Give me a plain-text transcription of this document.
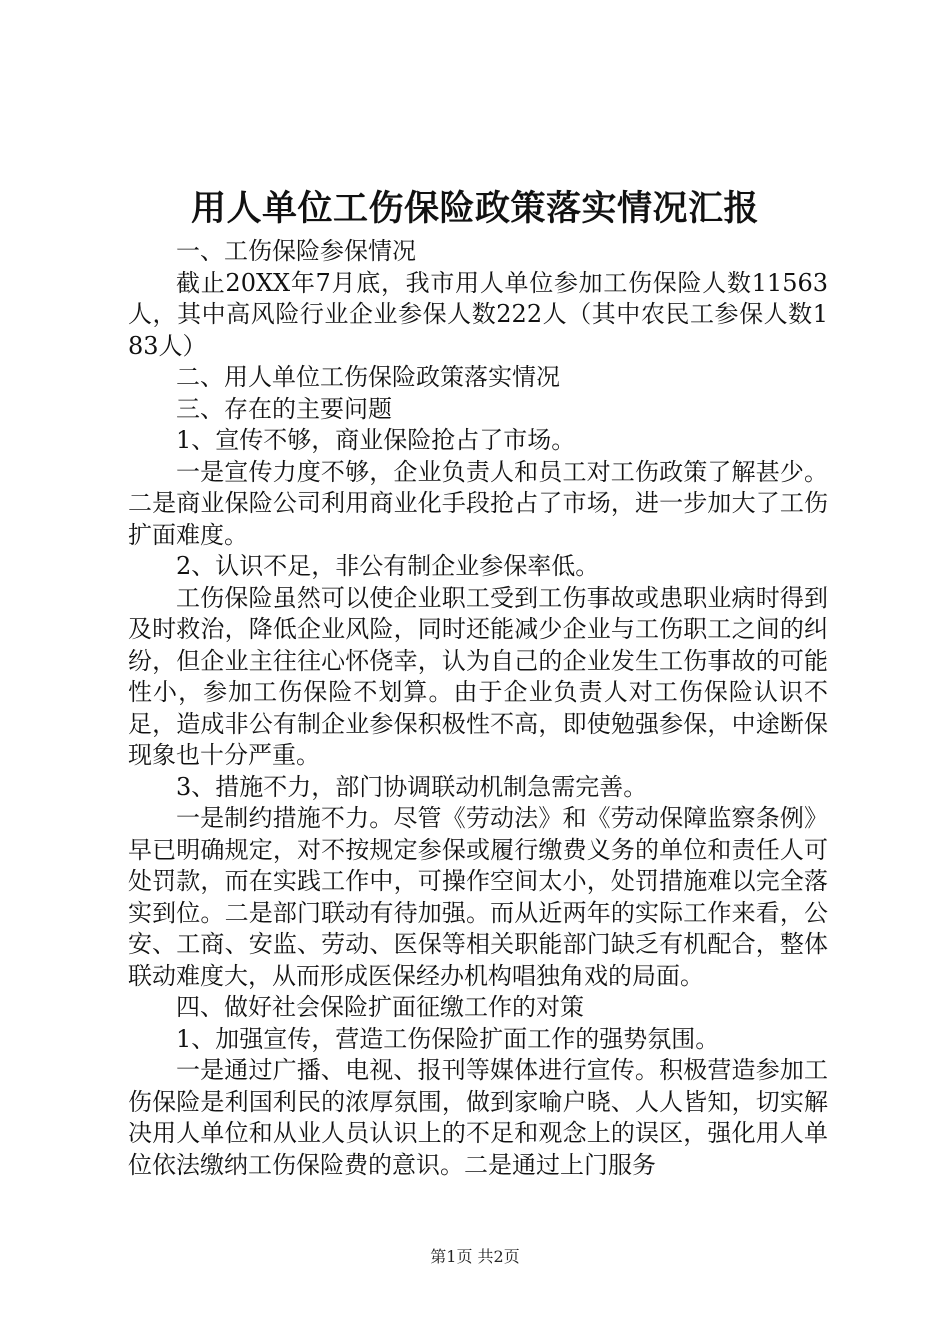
用人单位工伤保险政策落实情况汇报

一、工伤保险参保情况

截止20XX年7月底，我市用人单位参加工伤保险人数11563人，其中高风险行业企业参保人数222人（其中农民工参保人数183人）

二、用人单位工伤保险政策落实情况

三、存在的主要问题

1、宣传不够，商业保险抢占了市场。

一是宣传力度不够，企业负责人和员工对工伤政策了解甚少。二是商业保险公司利用商业化手段抢占了市场，进一步加大了工伤扩面难度。

2、认识不足，非公有制企业参保率低。

工伤保险虽然可以使企业职工受到工伤事故或患职业病时得到及时救治，降低企业风险，同时还能减少企业与工伤职工之间的纠纷，但企业主往往心怀侥幸，认为自己的企业发生工伤事故的可能性小，参加工伤保险不划算。由于企业负责人对工伤保险认识不足，造成非公有制企业参保积极性不高，即使勉强参保，中途断保现象也十分严重。

3、措施不力，部门协调联动机制急需完善。

一是制约措施不力。尽管《劳动法》和《劳动保障监察条例》早已明确规定，对不按规定参保或履行缴费义务的单位和责任人可处罚款，而在实践工作中，可操作空间太小，处罚措施难以完全落实到位。二是部门联动有待加强。而从近两年的实际工作来看，公安、工商、安监、劳动、医保等相关职能部门缺乏有机配合，整体联动难度大，从而形成医保经办机构唱独角戏的局面。

四、做好社会保险扩面征缴工作的对策

1、加强宣传，营造工伤保险扩面工作的强势氛围。

一是通过广播、电视、报刊等媒体进行宣传。积极营造参加工伤保险是利国利民的浓厚氛围，做到家喻户晓、人人皆知，切实解决用人单位和从业人员认识上的不足和观念上的误区，强化用人单位依法缴纳工伤保险费的意识。二是通过上门服务

第1页 共2页
